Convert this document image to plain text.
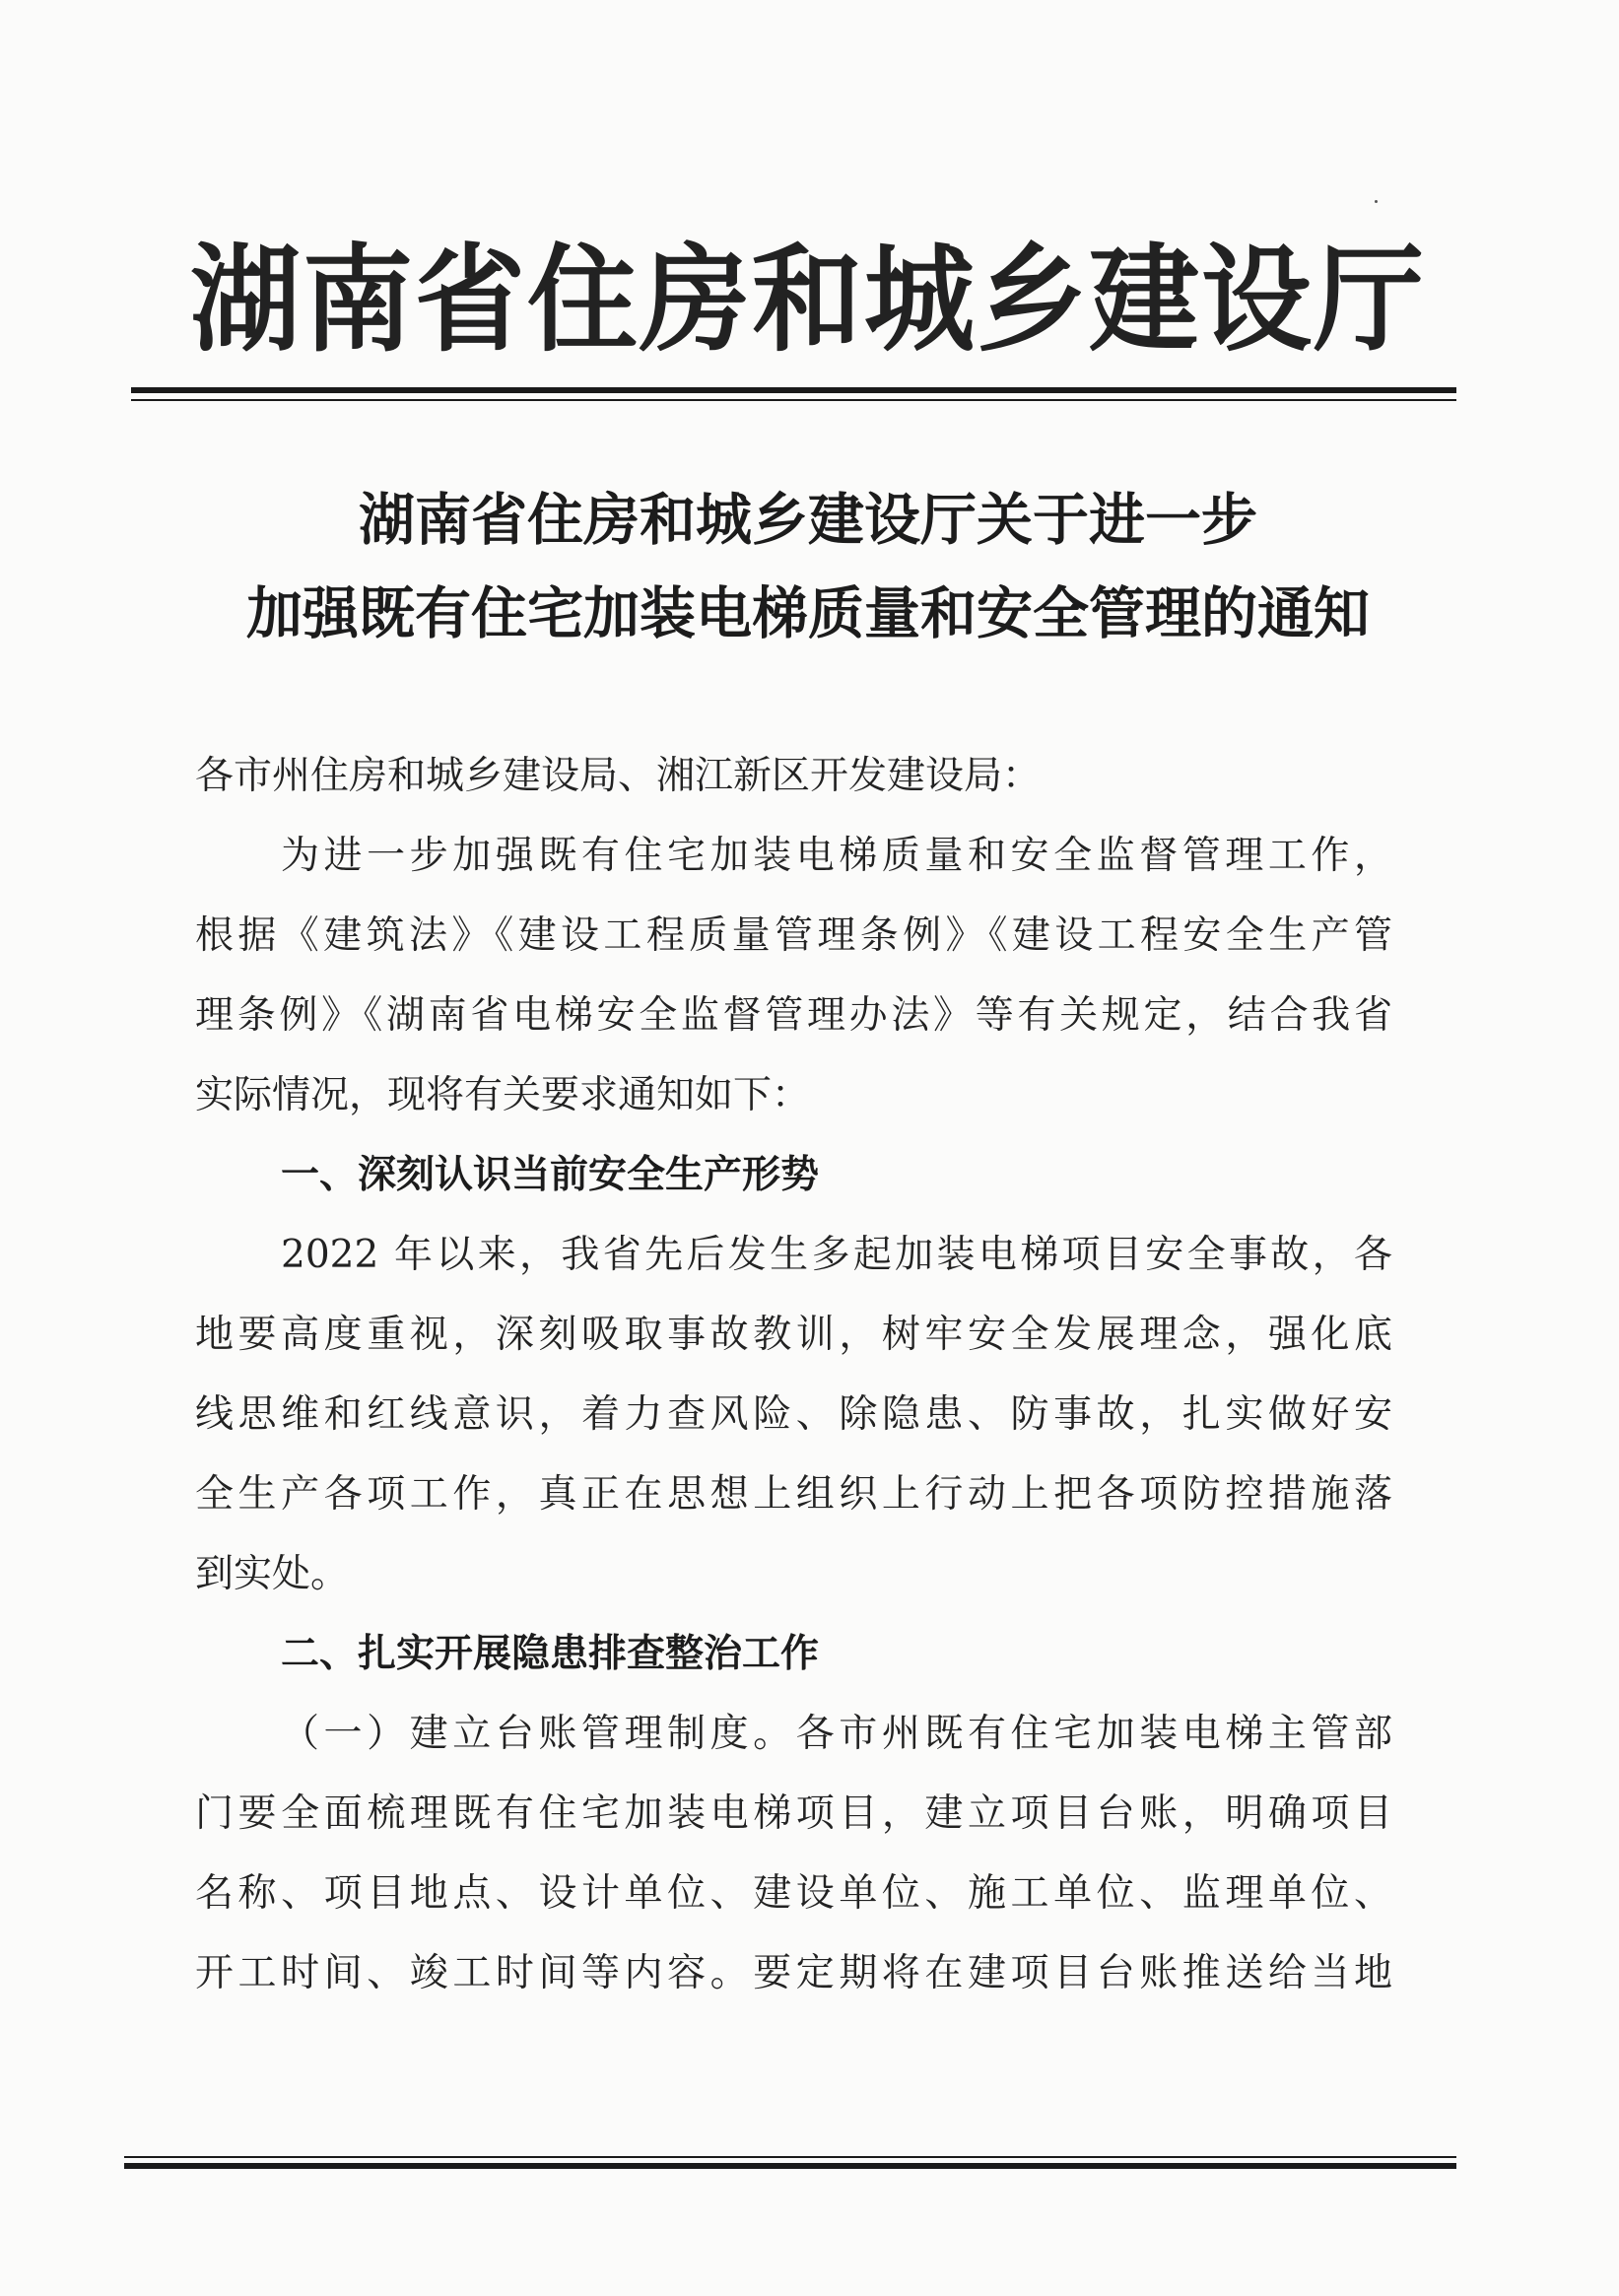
湖南省住房和城乡建设厅
湖南省住房和城乡建设厅关于进一步
加强既有住宅加装电梯质量和安全管理的通知
各市州住房和城乡建设局、湘江新区开发建设局：
为进一步加强既有住宅加装电梯质量和安全监督管理工作，
根据《建筑法》《建设工程质量管理条例》《建设工程安全生产管
理条例》《湖南省电梯安全监督管理办法》等有关规定，结合我省
实际情况，现将有关要求通知如下：
一、深刻认识当前安全生产形势
2022 年以来，我省先后发生多起加装电梯项目安全事故，各
地要高度重视，深刻吸取事故教训，树牢安全发展理念，强化底
线思维和红线意识，着力查风险、除隐患、防事故，扎实做好安
全生产各项工作，真正在思想上组织上行动上把各项防控措施落
到实处。
二、扎实开展隐患排查整治工作
（一）建立台账管理制度。各市州既有住宅加装电梯主管部
门要全面梳理既有住宅加装电梯项目，建立项目台账，明确项目
名称、项目地点、设计单位、建设单位、施工单位、监理单位、
开工时间、竣工时间等内容。要定期将在建项目台账推送给当地
